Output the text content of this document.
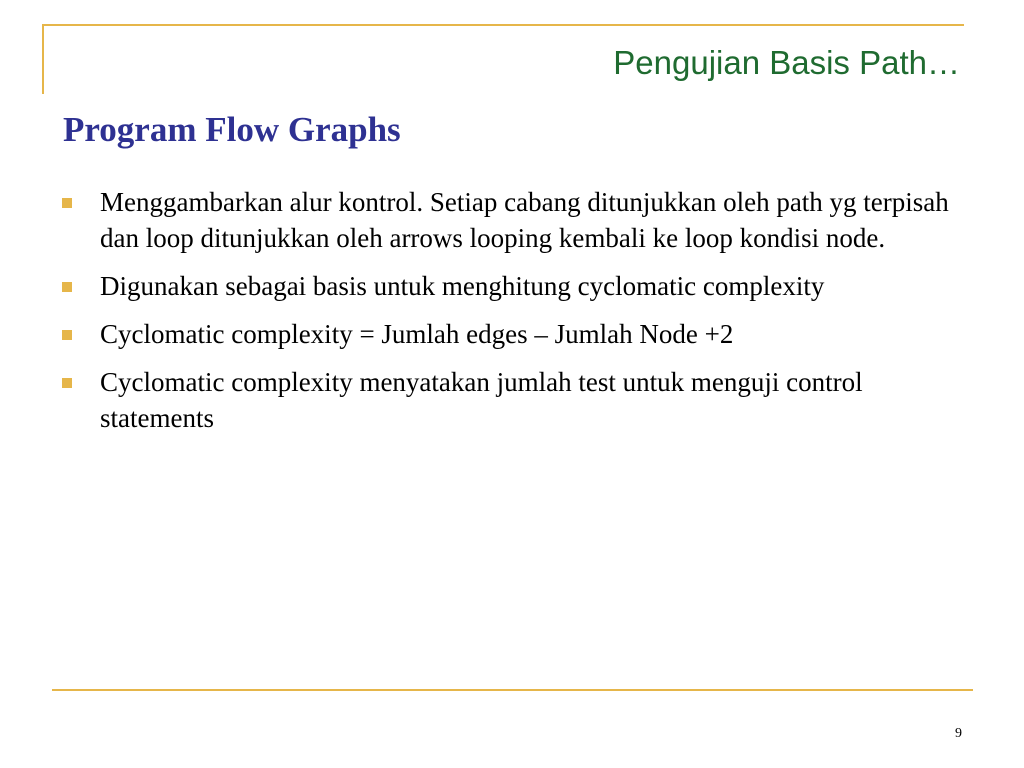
Pengujian Basis Path…
Program Flow Graphs
Menggambarkan alur kontrol. Setiap cabang ditunjukkan oleh path yg terpisah dan loop ditunjukkan oleh arrows looping kembali ke loop kondisi node.
Digunakan sebagai basis untuk menghitung cyclomatic complexity
Cyclomatic complexity = Jumlah edges – Jumlah Node +2
Cyclomatic complexity menyatakan jumlah test untuk menguji control statements
9
